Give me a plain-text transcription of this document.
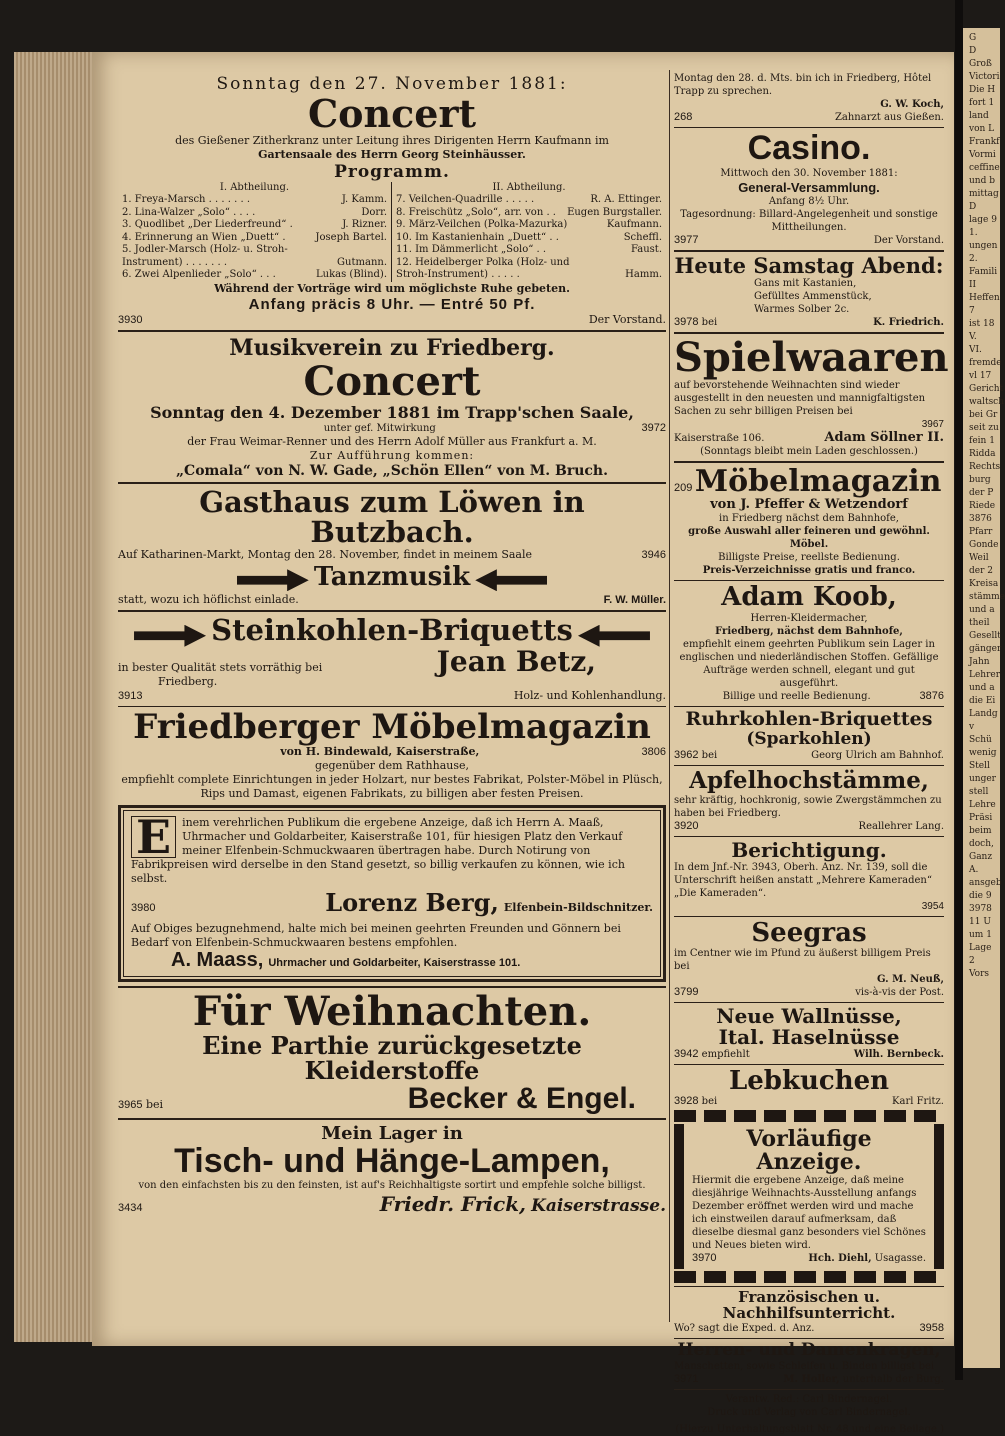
G
D
Groß
Victori
Die H
fort 1
land
von L
Frankf
Vormi
ceffine
und b
mittag
D
lage 9
1.
ungen
2.
Famili
II
Heffen
7
ist 18
V.
VI.
fremde
vl 17
Gericht
waltsch
bei Gr
seit zu
fein 1
Ridda
Rechts
burg
der P
Riede
3876
Pfarr
Gonde
Weil
der 2
Kreisa
stämme
und a
theil
Gesellt
gänger
Jahn
Lehrer
und a
die Ei
Landg
v
Schü
wenig
Stell
unger
stell
Lehre
Präsi
beim
doch,
Ganz
A.
ansgeb
die 9
3978
11 U
um 1
Lage
2
Vors
Sonntag den 27. November 1881:
Concert
des Gießener Zitherkranz unter Leitung ihres Dirigenten Herrn Kaufmann im
Gartensaale des Herrn Georg Steinhäusser.
Programm.
I. Abtheilung.
1. Freya-Marsch . . . . . . .	J. Kamm.
2. Lina-Walzer „Solo“ . . . .	Dorr.
3. Quodlibet „Der Liederfreund“ .	J. Rizner.
4. Erinnerung an Wien „Duett“ .	Joseph Bartel.
5. Jodler-Marsch (Holz- u. Stroh-
Instrument) . . . . . . .	Gutmann.
6. Zwei Alpenlieder „Solo“ . . .	Lukas (Blind).
II. Abtheilung.
7. Veilchen-Quadrille . . . . .	R. A. Ettinger.
8. Freischütz „Solo“, arr. von . . Eugen Burgstaller.
9. März-Veilchen (Polka-Mazurka)	Kaufmann.
10. Im Kastanienhain „Duett“ . .	Scheffl.
11. Im Dämmerlicht „Solo“ . .	Faust.
12. Heidelberger Polka (Holz- und
Stroh-Instrument) . . . . .	Hamm.
Während der Vorträge wird um möglichste Ruhe gebeten.
Anfang präcis 8 Uhr. — Entré 50 Pf.
3930	Der Vorstand.
Musikverein zu Friedberg.
Concert
Sonntag den 4. Dezember 1881 im Trapp'schen Saale,
unter gef. Mitwirkung	3972
der Frau Weimar-Renner und des Herrn Adolf Müller aus Frankfurt a. M.
Zur Aufführung kommen:
„Comala“ von N. W. Gade, „Schön Ellen“ von M. Bruch.
Gasthaus zum Löwen in Butzbach.
Auf Katharinen-Markt, Montag den 28. November, findet in meinem Saale	3946
Tanzmusik
statt, wozu ich höflichst einlade.	F. W. Müller.
Steinkohlen-Briquetts
in bester Qualität stets vorräthig bei
Friedberg.
Jean Betz,
3913	Holz- und Kohlenhandlung.
Friedberger Möbelmagazin
von H. Bindewald, Kaiserstraße,	3806
gegenüber dem Rathhause,
empfiehlt complete Einrichtungen in jeder Holzart, nur bestes Fabrikat, Polster-Möbel in Plüsch, Rips und Damast, eigenen Fabrikats, zu billigen aber festen Preisen.
E	inem verehrlichen Publikum die ergebene Anzeige, daß ich Herrn A. Maaß, Uhrmacher und Goldarbeiter, Kaiserstraße 101, für hiesigen Platz den Verkauf meiner Elfenbein-Schmuckwaaren übertragen habe. Durch Notirung von Fabrikpreisen wird derselbe in den Stand gesetzt, so billig verkaufen zu können, wie ich selbst.
3980	Lorenz Berg, Elfenbein-Bildschnitzer.
Auf Obiges bezugnehmend, halte mich bei meinen geehrten Freunden und Gönnern bei Bedarf von Elfenbein-Schmuckwaaren bestens empfohlen.
A. Maass, Uhrmacher und Goldarbeiter, Kaiserstrasse 101.
Für Weihnachten.
Eine Parthie zurückgesetzte Kleiderstoffe
3965 bei	Becker & Engel.
Mein Lager in
Tisch- und Hänge-Lampen,
von den einfachsten bis zu den feinsten, ist auf's Reichhaltigste sortirt und empfehle solche billigst.
3434	Friedr. Frick, Kaiserstrasse.
Montag den 28. d. Mts. bin ich in Friedberg, Hôtel Trapp zu sprechen.
G. W. Koch,
268	Zahnarzt aus Gießen.
Casino.
Mittwoch den 30. November 1881:
General-Versammlung.
Anfang 8½ Uhr.
Tagesordnung: Billard-Angelegenheit und sonstige Mittheilungen.
3977	Der Vorstand.
Heute Samstag Abend:
Gans mit Kastanien,
Gefülltes Ammenstück,
Warmes Solber 2c.
3978 bei	K. Friedrich.
Spielwaaren
auf bevorstehende Weihnachten sind wieder ausgestellt in den neuesten und mannigfaltigsten Sachen zu sehr billigen Preisen bei
3967
Kaiserstraße 106.	Adam Söllner II.
(Sonntags bleibt mein Laden geschlossen.)
209 Möbelmagazin
von J. Pfeffer & Wetzendorf
in Friedberg nächst dem Bahnhofe,
große Auswahl aller feineren und gewöhnl. Möbel.
Billigste Preise, reellste Bedienung.
Preis-Verzeichnisse gratis und franco.
Adam Koob,
Herren-Kleidermacher,
Friedberg, nächst dem Bahnhofe,
empfiehlt einem geehrten Publikum sein Lager in englischen und niederländischen Stoffen. Gefällige Aufträge werden schnell, elegant und gut ausgeführt.
Billige und reelle Bedienung.	3876
Ruhrkohlen-Briquettes
(Sparkohlen)
3962 bei	Georg Ulrich am Bahnhof.
Apfelhochstämme,
sehr kräftig, hochkronig, sowie Zwergstämmchen zu haben bei Friedberg.
3920	Reallehrer Lang.
Berichtigung.
In dem Jnf.-Nr. 3943, Oberh. Anz. Nr. 139, soll die Unterschrift heißen anstatt „Mehrere Kameraden“ „Die Kameraden“.
3954
Seegras
im Centner wie im Pfund zu äußerst billigem Preis bei
G. M. Neuß,
3799	vis-à-vis der Post.
Neue Wallnüsse,
Ital. Haselnüsse
3942 empfiehlt	Wilh. Bernbeck.
Lebkuchen
3928 bei	Karl Fritz.
Vorläufige Anzeige.
Hiermit die ergebene Anzeige, daß meine diesjährige Weihnachts-Ausstellung anfangs Dezember eröffnet werden wird und mache ich einstweilen darauf aufmerksam, daß dieselbe diesmal ganz besonders viel Schönes und Neues bieten wird.
3970	Hch. Diehl, Usagasse.
Französischen u. Nachhilfsunterricht.
Wo? sagt die Exped. d. Anz.	3958
Herren- und Damenkragen,
Manschetten, sowie Schleifen u. Binden billigst bei
3971	M. Holler, unterhalb der Burg.
Verantw. Red.: Carl Bindernagel.
Druck und Verlag von Carl Bindernagel.
(Hierzu Unterhaltungsblatt Nr. 48 und eine Beilage.)
